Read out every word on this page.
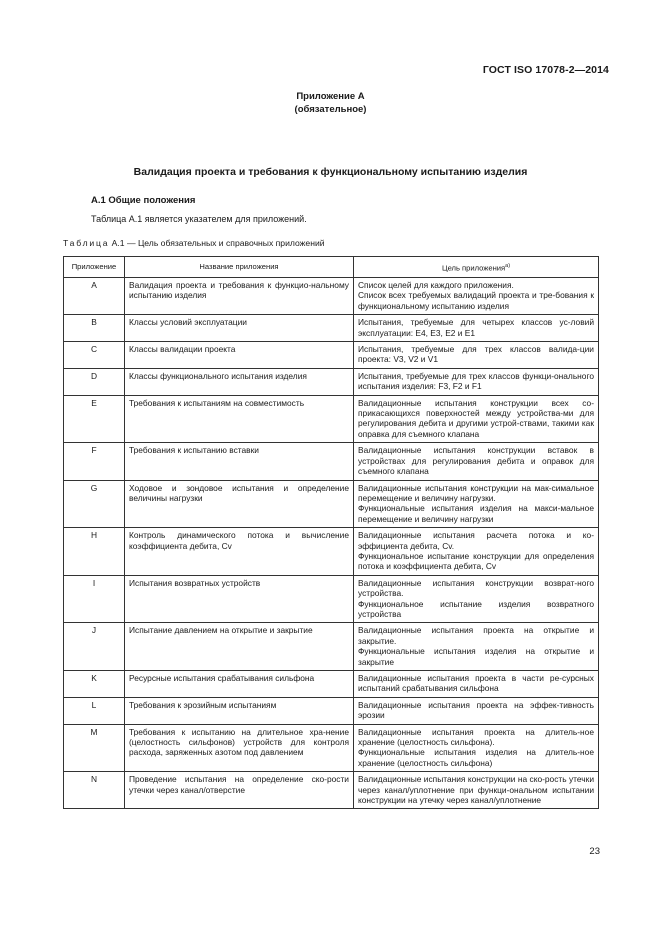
ГОСТ ISO 17078-2—2014
Приложение А
(обязательное)
Валидация проекта и требования к функциональному испытанию изделия
А.1 Общие положения
Таблица А.1 является указателем для приложений.
Таблица А.1 — Цель обязательных и справочных приложений
Приложение	Название приложения	Цель приложения$^{a)}$
A	Валидация проекта и требования к функцио-нальному испытанию изделия	Список целей для каждого приложения.
Список всех требуемых валидаций проекта и тре-бования к функциональному испытанию изделия

B	Классы условий эксплуатации	Испытания, требуемые для четырех классов ус-ловий эксплуатации: Е4, Е3, Е2 и Е1

C	Классы валидации проекта	Испытания, требуемые для трех классов валида-ции проекта: V3, V2 и V1

D	Классы функционального испытания изделия	Испытания, требуемые для трех классов функци-онального испытания изделия: F3, F2 и F1

E	Требования к испытаниям на совместимость	Валидационные испытания конструкции всех со-прикасающихся поверхностей между устройства-ми для регулирования дебита и другими устрой-ствами, такими как оправка для съемного клапана

F	Требования к испытанию вставки	Валидационные испытания конструкции вставок в устройствах для регулирования дебита и оправок для съемного клапана

G	Ходовое и зондовое испытания и определение величины нагрузки	Валидационные испытания конструкции на мак-симальное перемещение и величину нагрузки.
Функциональные испытания изделия на макси-мальное перемещение и величину нагрузки

H	Контроль динамического потока и вычисление коэффициента дебита, Cv	Валидационные испытания расчета потока и ко-эффициента дебита, Cv.
Функциональное испытание конструкции для определения потока и коэффициента дебита, Cv

I	Испытания возвратных устройств	Валидационные испытания конструкции возврат-ного устройства.
Функциональное испытание изделия возвратного устройства

J	Испытание давлением на открытие и закрытие	Валидационные испытания проекта на открытие и закрытие.
Функциональные испытания изделия на открытие и закрытие

K	Ресурсные испытания срабатывания сильфона	Валидационные испытания проекта в части ре-сурсных испытаний срабатывания сильфона

L	Требования к эрозийным испытаниям	Валидационные испытания проекта на эффек-тивность эрозии

M	Требования к испытанию на длительное хра-нение (целостность сильфонов) устройств для контроля расхода, заряженных азотом под давлением	Валидационные испытания проекта на длитель-ное хранение (целостность сильфона).
Функциональные испытания изделия на длитель-ное хранение (целостность сильфона)

N	Проведение испытания на определение ско-рости утечки через канал/отверстие	Валидационные испытания конструкции на ско-рость утечки через канал/уплотнение при функци-ональном испытании конструкции на утечку через канал/уплотнение
23
